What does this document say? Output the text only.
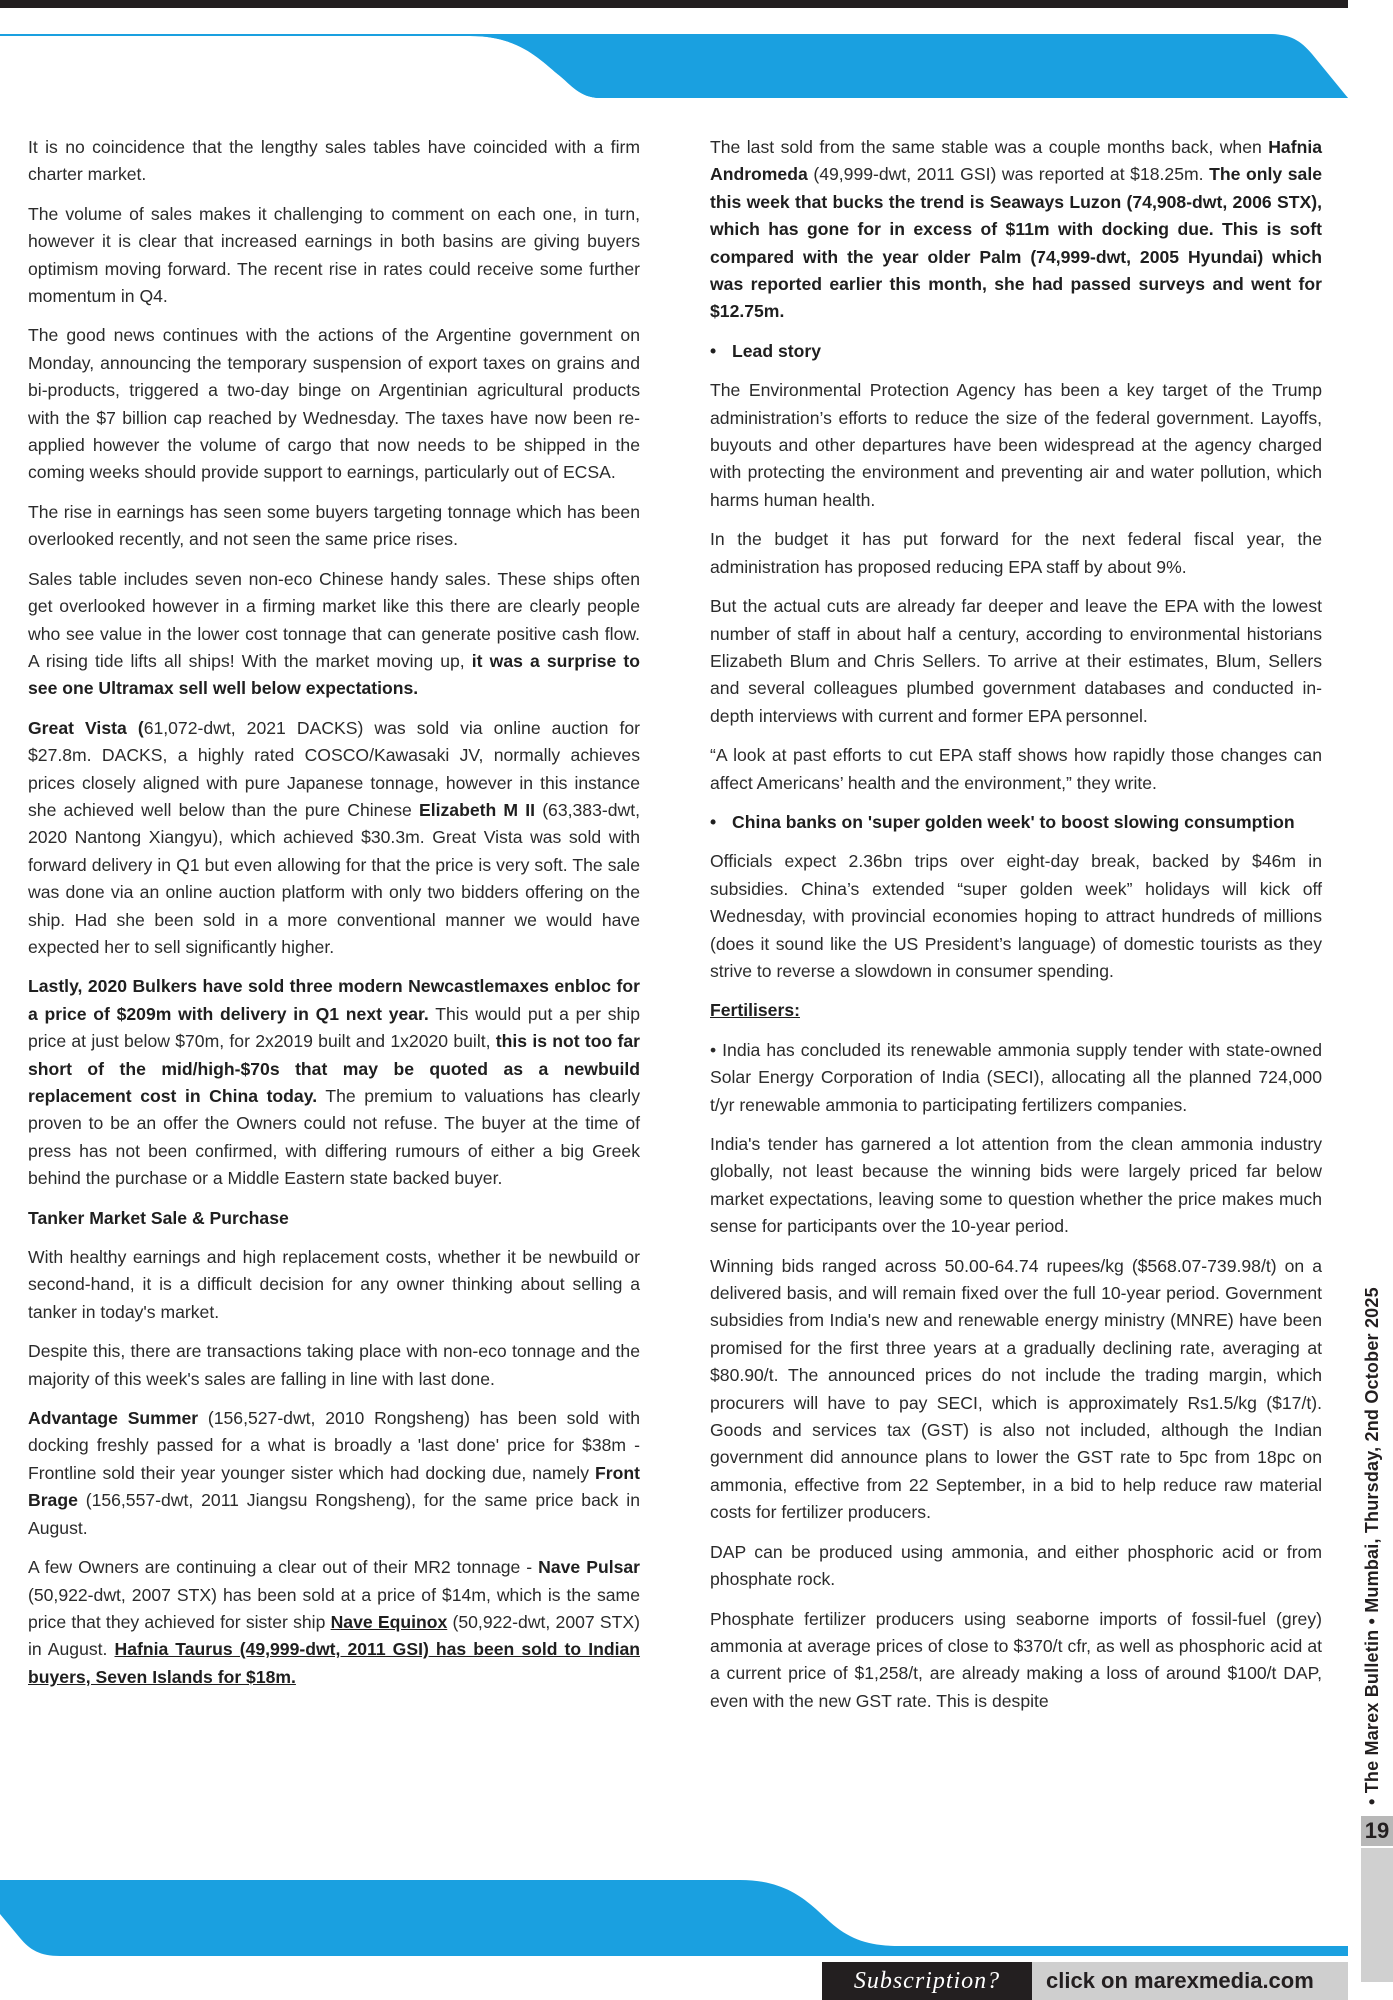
It is no coincidence that the lengthy sales tables have coincided with a firm charter market.

The volume of sales makes it challenging to comment on each one, in turn, however it is clear that increased earnings in both basins are giving buyers optimism moving forward. The recent rise in rates could receive some further momentum in Q4.

The good news continues with the actions of the Argentine government on Monday, announcing the temporary suspension of export taxes on grains and bi-products, triggered a two-day binge on Argentinian agricultural products with the $7 billion cap reached by Wednesday. The taxes have now been re-applied however the volume of cargo that now needs to be shipped in the coming weeks should provide support to earnings, particularly out of ECSA.

The rise in earnings has seen some buyers targeting tonnage which has been overlooked recently, and not seen the same price rises.

Sales table includes seven non-eco Chinese handy sales. These ships often get overlooked however in a firming market like this there are clearly people who see value in the lower cost tonnage that can generate positive cash flow. A rising tide lifts all ships! With the market moving up, it was a surprise to see one Ultramax sell well below expectations.

Great Vista (61,072-dwt, 2021 DACKS) was sold via online auction for $27.8m. DACKS, a highly rated COSCO/Kawasaki JV, normally achieves prices closely aligned with pure Japanese tonnage, however in this instance she achieved well below than the pure Chinese Elizabeth M II (63,383-dwt, 2020 Nantong Xiangyu), which achieved $30.3m. Great Vista was sold with forward delivery in Q1 but even allowing for that the price is very soft. The sale was done via an online auction platform with only two bidders offering on the ship. Had she been sold in a more conventional manner we would have expected her to sell significantly higher.

Lastly, 2020 Bulkers have sold three modern Newcastlemaxes enbloc for a price of $209m with delivery in Q1 next year. This would put a per ship price at just below $70m, for 2x2019 built and 1x2020 built, this is not too far short of the mid/high-$70s that may be quoted as a newbuild replacement cost in China today. The premium to valuations has clearly proven to be an offer the Owners could not refuse. The buyer at the time of press has not been confirmed, with differing rumours of either a big Greek behind the purchase or a Middle Eastern state backed buyer.

Tanker Market Sale & Purchase

With healthy earnings and high replacement costs, whether it be newbuild or second-hand, it is a difficult decision for any owner thinking about selling a tanker in today's market.

Despite this, there are transactions taking place with non-eco tonnage and the majority of this week's sales are falling in line with last done.

Advantage Summer (156,527-dwt, 2010 Rongsheng) has been sold with docking freshly passed for a what is broadly a 'last done' price for $38m - Frontline sold their year younger sister which had docking due, namely Front Brage (156,557-dwt, 2011 Jiangsu Rongsheng), for the same price back in August.

A few Owners are continuing a clear out of their MR2 tonnage - Nave Pulsar (50,922-dwt, 2007 STX) has been sold at a price of $14m, which is the same price that they achieved for sister ship Nave Equinox (50,922-dwt, 2007 STX) in August. Hafnia Taurus (49,999-dwt, 2011 GSI) has been sold to Indian buyers, Seven Islands for $18m.

The last sold from the same stable was a couple months back, when Hafnia Andromeda (49,999-dwt, 2011 GSI) was reported at $18.25m. The only sale this week that bucks the trend is Seaways Luzon (74,908-dwt, 2006 STX), which has gone for in excess of $11m with docking due. This is soft compared with the year older Palm (74,999-dwt, 2005 Hyundai) which was reported earlier this month, she had passed surveys and went for $12.75m.

• Lead story

The Environmental Protection Agency has been a key target of the Trump administration’s efforts to reduce the size of the federal government. Layoffs, buyouts and other departures have been widespread at the agency charged with protecting the environment and preventing air and water pollution, which harms human health.

In the budget it has put forward for the next federal fiscal year, the administration has proposed reducing EPA staff by about 9%.

But the actual cuts are already far deeper and leave the EPA with the lowest number of staff in about half a century, according to environmental historians Elizabeth Blum and Chris Sellers. To arrive at their estimates, Blum, Sellers and several colleagues plumbed government databases and conducted in-depth interviews with current and former EPA personnel.

“A look at past efforts to cut EPA staff shows how rapidly those changes can affect Americans’ health and the environment,” they write.

• China banks on 'super golden week' to boost slowing consumption

Officials expect 2.36bn trips over eight-day break, backed by $46m in subsidies. China’s extended “super golden week” holidays will kick off Wednesday, with provincial economies hoping to attract hundreds of millions (does it sound like the US President’s language) of domestic tourists as they strive to reverse a slowdown in consumer spending.

Fertilisers:

• India has concluded its renewable ammonia supply tender with state-owned Solar Energy Corporation of India (SECI), allocating all the planned 724,000 t/yr renewable ammonia to participating fertilizers companies.

India's tender has garnered a lot attention from the clean ammonia industry globally, not least because the winning bids were largely priced far below market expectations, leaving some to question whether the price makes much sense for participants over the 10-year period.

Winning bids ranged across 50.00-64.74 rupees/kg ($568.07-739.98/t) on a delivered basis, and will remain fixed over the full 10-year period. Government subsidies from India's new and renewable energy ministry (MNRE) have been promised for the first three years at a gradually declining rate, averaging at $80.90/t. The announced prices do not include the trading margin, which procurers will have to pay SECI, which is approximately Rs1.5/kg ($17/t). Goods and services tax (GST) is also not included, although the Indian government did announce plans to lower the GST rate to 5pc from 18pc on ammonia, effective from 22 September, in a bid to help reduce raw material costs for fertilizer producers.

DAP can be produced using ammonia, and either phosphoric acid or from phosphate rock.

Phosphate fertilizer producers using seaborne imports of fossil-fuel (grey) ammonia at average prices of close to $370/t cfr, as well as phosphoric acid at a current price of $1,258/t, are already making a loss of around $100/t DAP, even with the new GST rate. This is despite	• The Marex Bulletin • Mumbai, Thursday, 2nd October 2025
19
Subscription?	click on marexmedia.com
